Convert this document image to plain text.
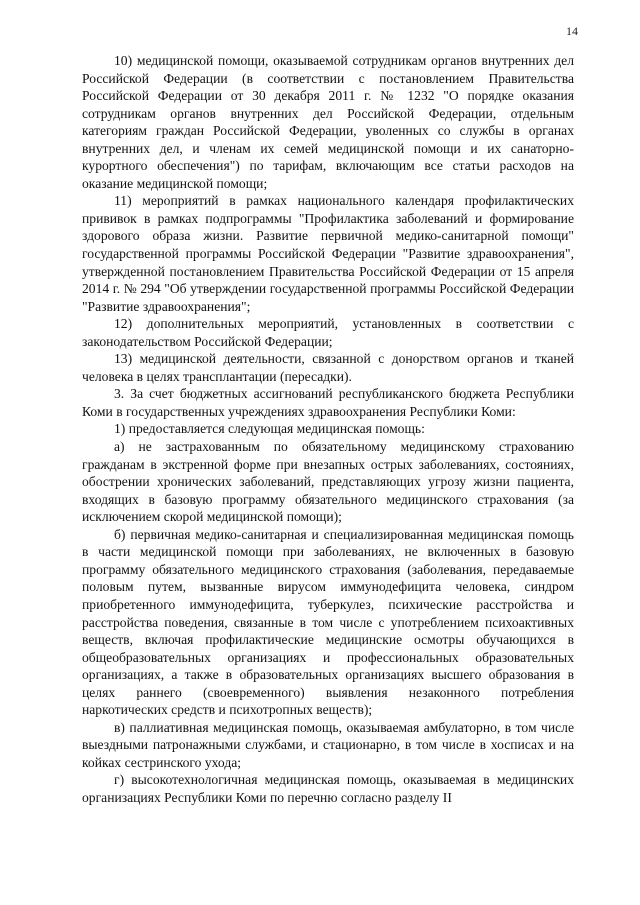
14

10) медицинской помощи, оказываемой сотрудникам органов внутренних дел Российской Федерации (в соответствии с постановлением Правительства Российской Федерации от 30 декабря 2011 г. № 1232 "О порядке оказания сотрудникам органов внутренних дел Российской Федерации, отдельным категориям граждан Российской Федерации, уволенных со службы в органах внутренних дел, и членам их семей медицинской помощи и их санаторно-курортного обеспечения") по тарифам, включающим все статьи расходов на оказание медицинской помощи;

11) мероприятий в рамках национального календаря профилактических прививок в рамках подпрограммы "Профилактика заболеваний и формирование здорового образа жизни. Развитие первичной медико-санитарной помощи" государственной программы Российской Федерации "Развитие здравоохранения", утвержденной постановлением Правительства Российской Федерации от 15 апреля 2014 г. № 294 "Об утверждении государственной программы Российской Федерации "Развитие здравоохранения";

12) дополнительных мероприятий, установленных в соответствии с законодательством Российской Федерации;

13) медицинской деятельности, связанной с донорством органов и тканей человека в целях трансплантации (пересадки).

3. За счет бюджетных ассигнований республиканского бюджета Республики Коми в государственных учреждениях здравоохранения Республики Коми:

1) предоставляется следующая медицинская помощь:

а) не застрахованным по обязательному медицинскому страхованию гражданам в экстренной форме при внезапных острых заболеваниях, состояниях, обострении хронических заболеваний, представляющих угрозу жизни пациента, входящих в базовую программу обязательного медицинского страхования (за исключением скорой медицинской помощи);

б) первичная медико-санитарная и специализированная медицинская помощь в части медицинской помощи при заболеваниях, не включенных в базовую программу обязательного медицинского страхования (заболевания, передаваемые половым путем, вызванные вирусом иммунодефицита человека, синдром приобретенного иммунодефицита, туберкулез, психические расстройства и расстройства поведения, связанные в том числе с употреблением психоактивных веществ, включая профилактические медицинские осмотры обучающихся в общеобразовательных организациях и профессиональных образовательных организациях, а также в образовательных организациях высшего образования в целях раннего (своевременного) выявления незаконного потребления наркотических средств и психотропных веществ);

в) паллиативная медицинская помощь, оказываемая амбулаторно, в том числе выездными патронажными службами, и стационарно, в том числе в хосписах и на койках сестринского ухода;

г) высокотехнологичная медицинская помощь, оказываемая в медицинских организациях Республики Коми по перечню согласно разделу II
